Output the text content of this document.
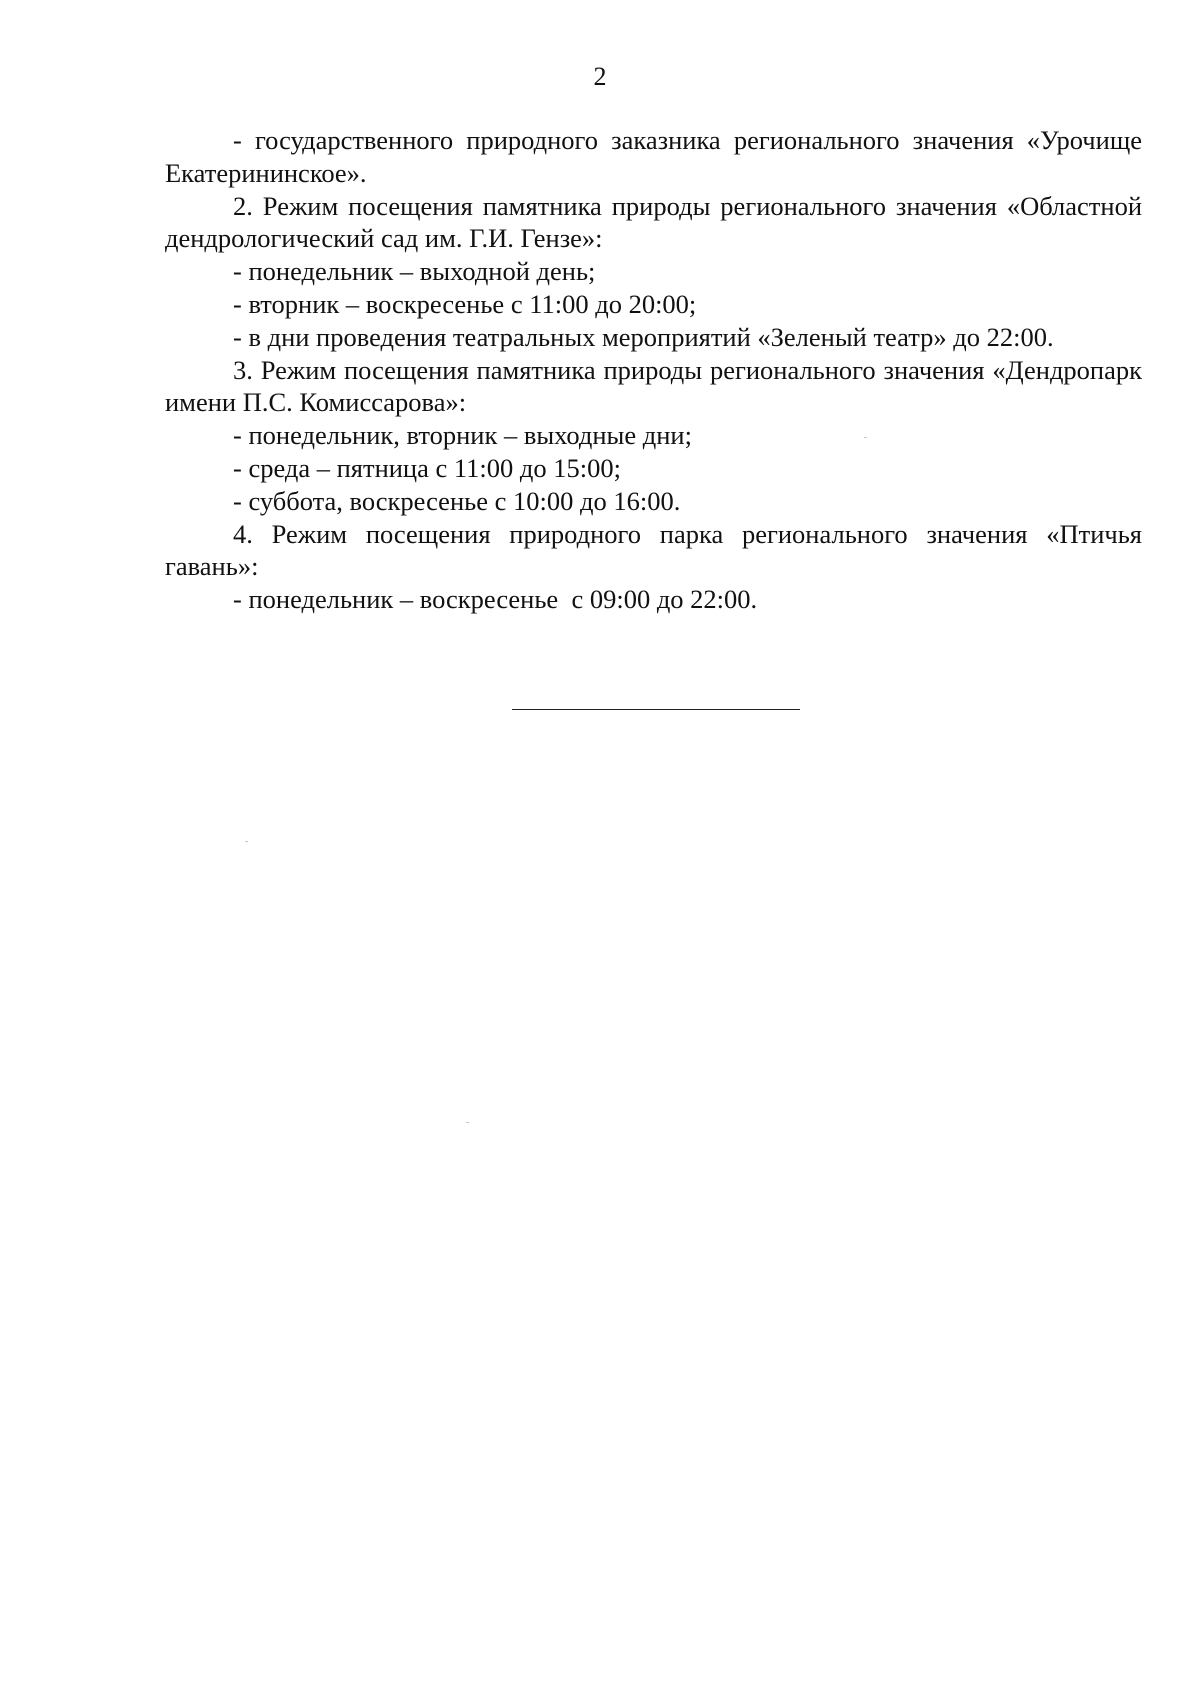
2

- государственного природного заказника регионального значения «Урочище Екатерининское».

2. Режим посещения памятника природы регионального значения «Областной дендрологический сад им. Г.И. Гензе»:

- понедельник – выходной день;

- вторник – воскресенье с 11:00 до 20:00;

- в дни проведения театральных мероприятий «Зеленый театр» до 22:00.

3. Режим посещения памятника природы регионального значения «Дендропарк имени П.С. Комиссарова»:

- понедельник, вторник – выходные дни;

- среда – пятница с 11:00 до 15:00;

- суббота, воскресенье с 10:00 до 16:00.

4. Режим посещения природного парка регионального значения «Птичья гавань»:

- понедельник – воскресенье  с 09:00 до 22:00.
